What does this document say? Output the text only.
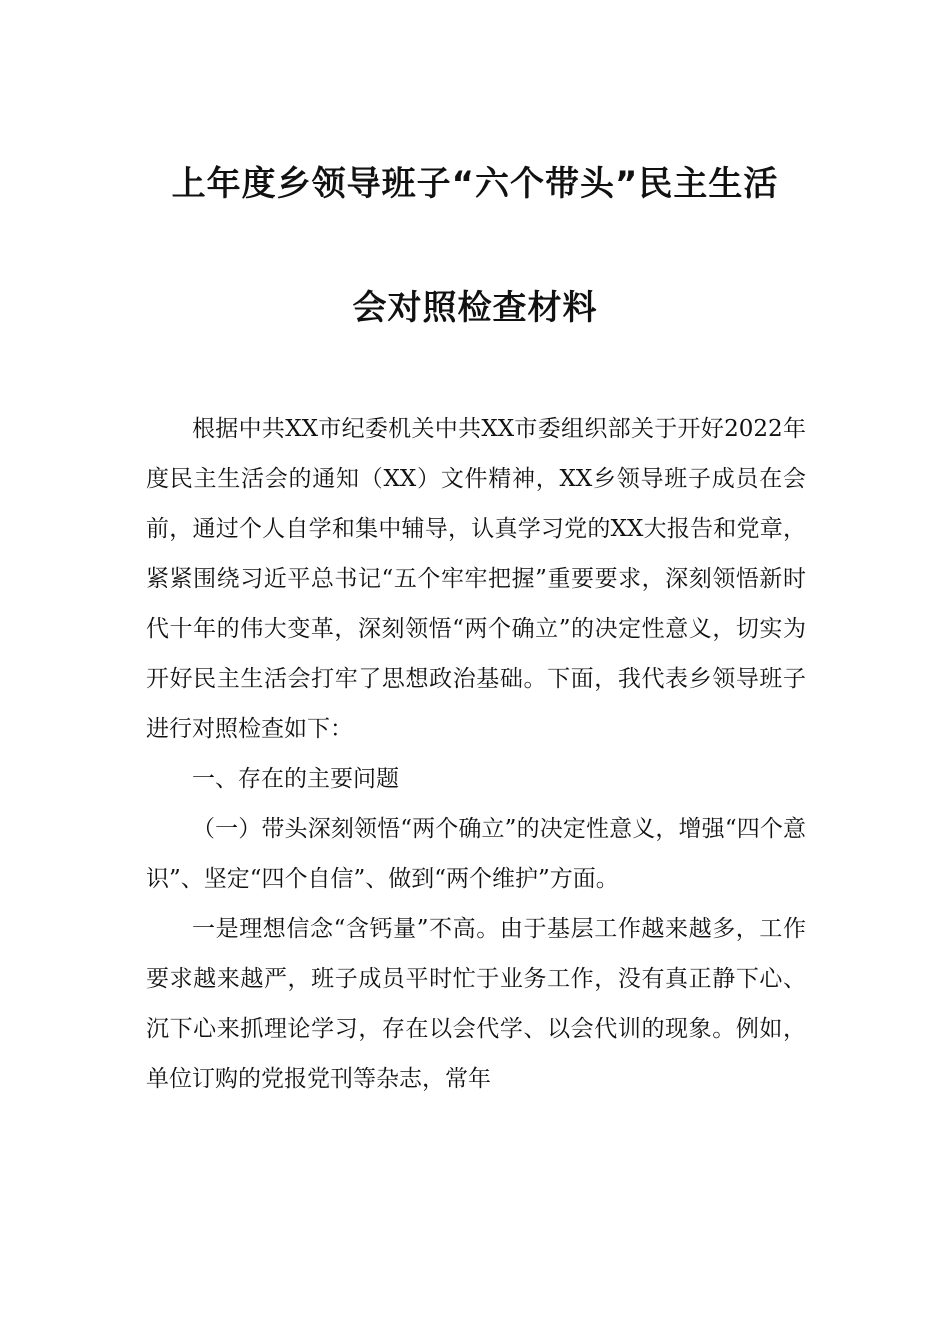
上年度乡领导班子“六个带头”民主生活
会对照检查材料

根据中共XX市纪委机关中共XX市委组织部关于开好2022年度民主生活会的通知（XX）文件精神，XX乡领导班子成员在会前，通过个人自学和集中辅导，认真学习党的XX大报告和党章，紧紧围绕习近平总书记“五个牢牢把握”重要要求，深刻领悟新时代十年的伟大变革，深刻领悟“两个确立”的决定性意义，切实为开好民主生活会打牢了思想政治基础。下面，我代表乡领导班子进行对照检查如下：

一、存在的主要问题

（一）带头深刻领悟“两个确立”的决定性意义，增强“四个意识”、坚定“四个自信”、做到“两个维护”方面。

一是理想信念“含钙量”不高。由于基层工作越来越多，工作要求越来越严，班子成员平时忙于业务工作，没有真正静下心、沉下心来抓理论学习，存在以会代学、以会代训的现象。例如，单位订购的党报党刊等杂志，常年
